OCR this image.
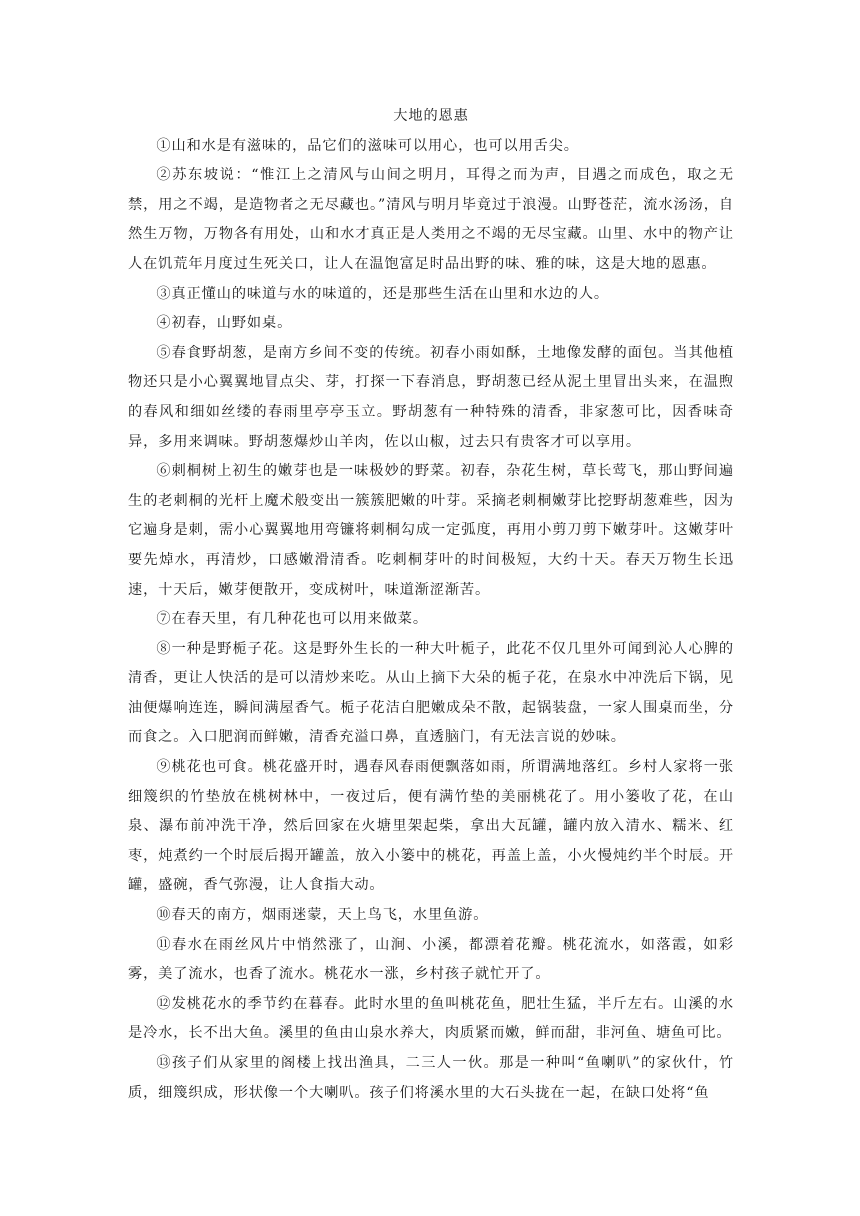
大地的恩惠

①山和水是有滋味的，品它们的滋味可以用心，也可以用舌尖。

②苏东坡说：“惟江上之清风与山间之明月，耳得之而为声，目遇之而成色，取之无禁，用之不竭，是造物者之无尽藏也。”清风与明月毕竟过于浪漫。山野苍茫，流水汤汤，自然生万物，万物各有用处，山和水才真正是人类用之不竭的无尽宝藏。山里、水中的物产让人在饥荒年月度过生死关口，让人在温饱富足时品出野的味、雅的味，这是大地的恩惠。

③真正懂山的味道与水的味道的，还是那些生活在山里和水边的人。

④初春，山野如桌。

⑤春食野胡葱，是南方乡间不变的传统。初春小雨如酥，土地像发酵的面包。当其他植物还只是小心翼翼地冒点尖、芽，打探一下春消息，野胡葱已经从泥土里冒出头来，在温煦的春风和细如丝缕的春雨里亭亭玉立。野胡葱有一种特殊的清香，非家葱可比，因香味奇异，多用来调味。野胡葱爆炒山羊肉，佐以山椒，过去只有贵客才可以享用。

⑥刺桐树上初生的嫩芽也是一味极妙的野菜。初春，杂花生树，草长莺飞，那山野间遍生的老刺桐的光杆上魔术般变出一簇簇肥嫩的叶芽。采摘老刺桐嫩芽比挖野胡葱难些，因为它遍身是刺，需小心翼翼地用弯镰将刺桐勾成一定弧度，再用小剪刀剪下嫩芽叶。这嫩芽叶要先焯水，再清炒，口感嫩滑清香。吃刺桐芽叶的时间极短，大约十天。春天万物生长迅速，十天后，嫩芽便散开，变成树叶，味道渐涩渐苦。

⑦在春天里，有几种花也可以用来做菜。

⑧一种是野栀子花。这是野外生长的一种大叶栀子，此花不仅几里外可闻到沁人心脾的清香，更让人快活的是可以清炒来吃。从山上摘下大朵的栀子花，在泉水中冲洗后下锅，见油便爆响连连，瞬间满屋香气。栀子花洁白肥嫩成朵不散，起锅装盘，一家人围桌而坐，分而食之。入口肥润而鲜嫩，清香充溢口鼻，直透脑门，有无法言说的妙味。

⑨桃花也可食。桃花盛开时，遇春风春雨便飘落如雨，所谓满地落红。乡村人家将一张细篾织的竹垫放在桃树林中，一夜过后，便有满竹垫的美丽桃花了。用小篓收了花，在山泉、瀑布前冲洗干净，然后回家在火塘里架起柴，拿出大瓦罐，罐内放入清水、糯米、红枣，炖煮约一个时辰后揭开罐盖，放入小篓中的桃花，再盖上盖，小火慢炖约半个时辰。开罐，盛碗，香气弥漫，让人食指大动。

⑩春天的南方，烟雨迷蒙，天上鸟飞，水里鱼游。

⑪春水在雨丝风片中悄然涨了，山涧、小溪，都漂着花瓣。桃花流水，如落霞，如彩雾，美了流水，也香了流水。桃花水一涨，乡村孩子就忙开了。

⑫发桃花水的季节约在暮春。此时水里的鱼叫桃花鱼，肥壮生猛，半斤左右。山溪的水是冷水，长不出大鱼。溪里的鱼由山泉水养大，肉质紧而嫩，鲜而甜，非河鱼、塘鱼可比。

⑬孩子们从家里的阁楼上找出渔具，二三人一伙。那是一种叫“鱼喇叭”的家伙什，竹质，细篾织成，形状像一个大喇叭。孩子们将溪水里的大石头拢在一起，在缺口处将“鱼
